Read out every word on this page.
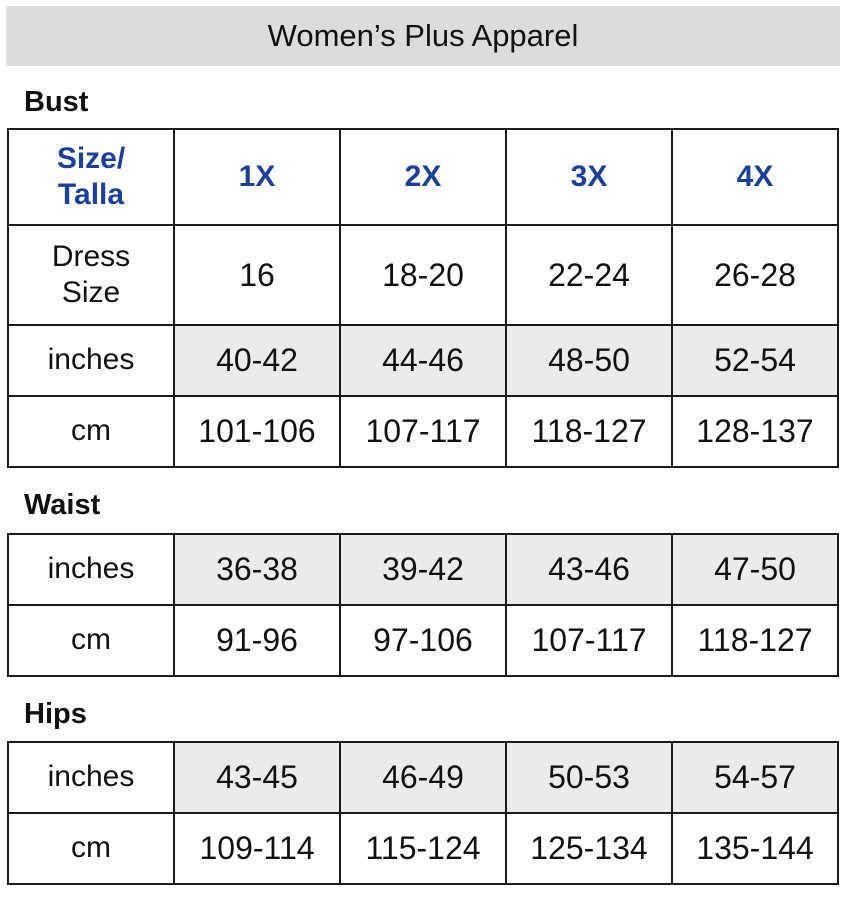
Women’s Plus Apparel
Bust
Size/
Talla	1X	2X	3X	4X
Dress
Size	16	18-20	22-24	26-28
inches	40-42	44-46	48-50	52-54
cm	101-106	107-117	118-127	128-137
Waist
inches	36-38	39-42	43-46	47-50
cm	91-96	97-106	107-117	118-127
Hips
inches	43-45	46-49	50-53	54-57
cm	109-114	115-124	125-134	135-144
